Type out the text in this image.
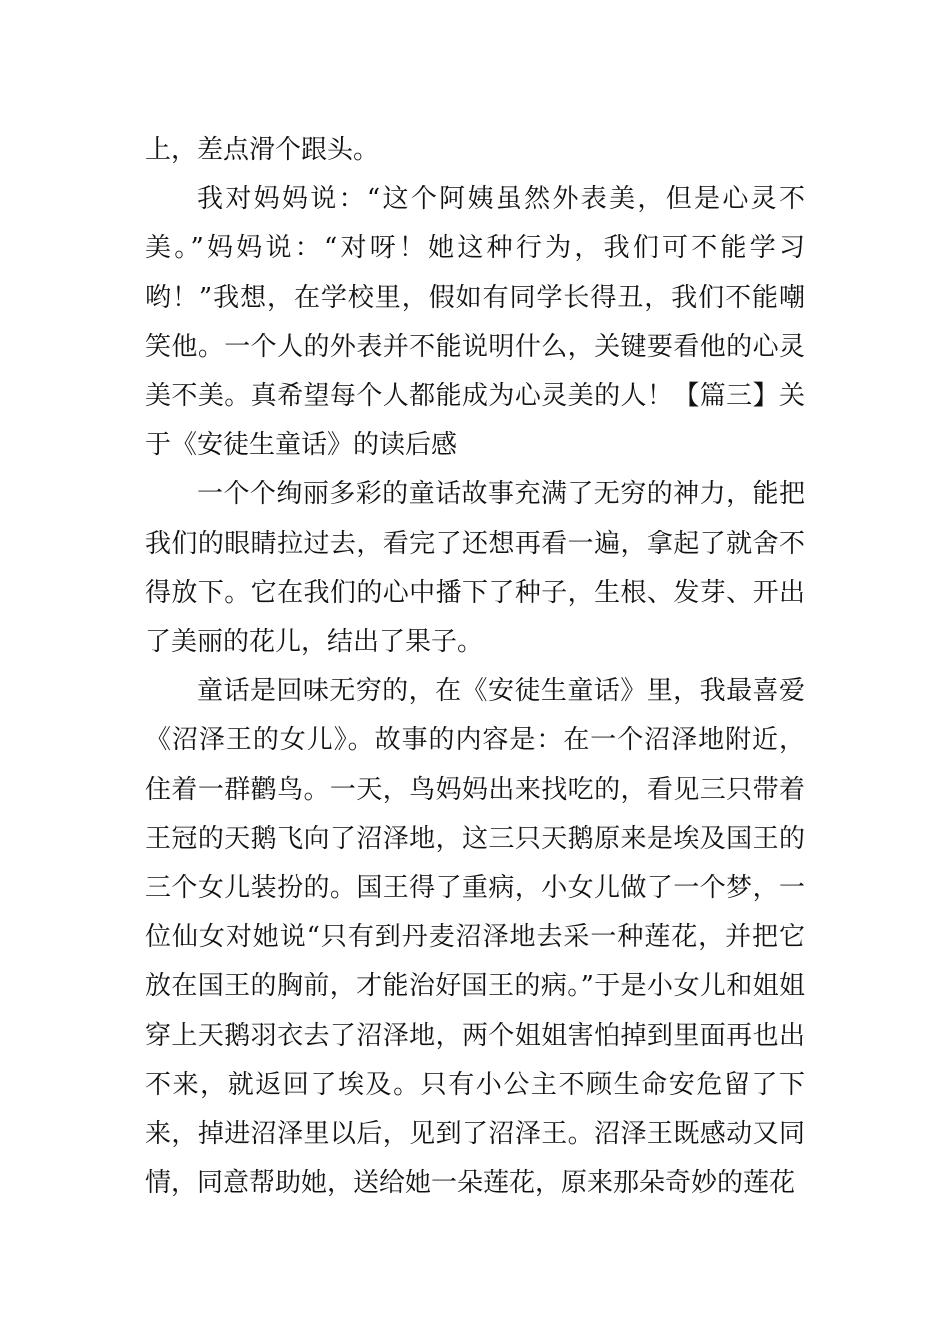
上，差点滑个跟头。

我对妈妈说：“这个阿姨虽然外表美，但是心灵不美。”妈妈说：“对呀！她这种行为，我们可不能学习哟！”我想，在学校里，假如有同学长得丑，我们不能嘲笑他。一个人的外表并不能说明什么，关键要看他的心灵美不美。真希望每个人都能成为心灵美的人！【篇三】关于《安徒生童话》的读后感

一个个绚丽多彩的童话故事充满了无穷的神力，能把我们的眼睛拉过去，看完了还想再看一遍，拿起了就舍不得放下。它在我们的心中播下了种子，生根、发芽、开出了美丽的花儿，结出了果子。

童话是回味无穷的，在《安徒生童话》里，我最喜爱《沼泽王的女儿》。故事的内容是：在一个沼泽地附近，住着一群鹳鸟。一天，鸟妈妈出来找吃的，看见三只带着王冠的天鹅飞向了沼泽地，这三只天鹅原来是埃及国王的三个女儿装扮的。国王得了重病，小女儿做了一个梦，一位仙女对她说“只有到丹麦沼泽地去采一种莲花，并把它放在国王的胸前，才能治好国王的病。”于是小女儿和姐姐穿上天鹅羽衣去了沼泽地，两个姐姐害怕掉到里面再也出不来，就返回了埃及。只有小公主不顾生命安危留了下来，掉进沼泽里以后，见到了沼泽王。沼泽王既感动又同情，同意帮助她，送给她一朵莲花，原来那朵奇妙的莲花
